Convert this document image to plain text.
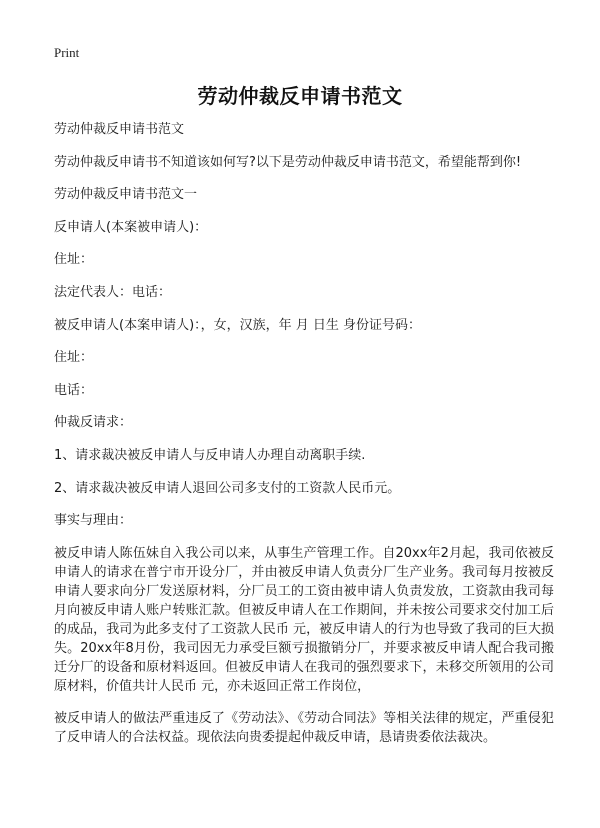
Print
劳动仲裁反申请书范文
劳动仲裁反申请书范文
劳动仲裁反申请书不知道该如何写?以下是劳动仲裁反申请书范文，希望能帮到你!
劳动仲裁反申请书范文一
反申请人(本案被申请人)：
住址：
法定代表人：电话：
被反申请人(本案申请人)：，女，汉族，年 月 日生 身份证号码：
住址：
电话：
仲裁反请求：
1、请求裁决被反申请人与反申请人办理自动离职手续.
2、请求裁决被反申请人退回公司多支付的工资款人民币元。
事实与理由：

被反申请人陈伍妹自入我公司以来，从事生产管理工作。自20xx年2月起，我司依被反申请人的请求在普宁市开设分厂，并由被反申请人负责分厂生产业务。我司每月按被反申请人要求向分厂发送原材料，分厂员工的工资由被申请人负责发放，工资款由我司每月向被反申请人账户转账汇款。但被反申请人在工作期间，并未按公司要求交付加工后的成品，我司为此多支付了工资款人民币 元，被反申请人的行为也导致了我司的巨大损失。20xx年8月份，我司因无力承受巨额亏损撤销分厂，并要求被反申请人配合我司搬迁分厂的设备和原材料返回。但被反申请人在我司的强烈要求下，未移交所领用的公司原材料，价值共计人民币 元，亦未返回正常工作岗位，

被反申请人的做法严重违反了《劳动法》、《劳动合同法》等相关法律的规定，严重侵犯了反申请人的合法权益。现依法向贵委提起仲裁反申请，恳请贵委依法裁决。
